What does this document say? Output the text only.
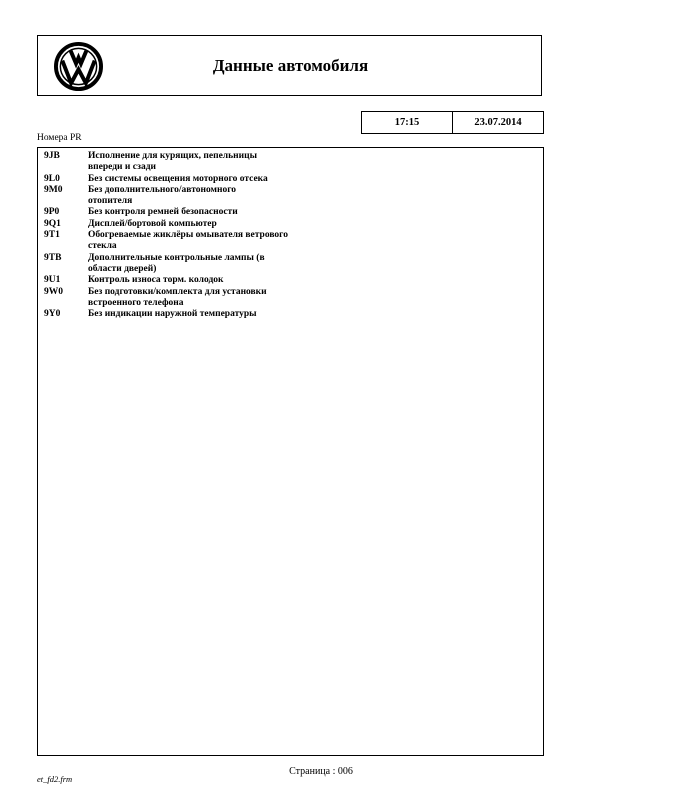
Данные автомобиля
17:15	23.07.2014
Номера PR
9JB	Исполнение для курящих, пепельницы
впереди и сзади
9L0	Без системы освещения моторного отсека
9M0	Без дополнительного/автономного
отопителя
9P0	Без контроля ремней безопасности
9Q1	Дисплей/бортовой компьютер
9T1	Обогреваемые жиклёры омывателя ветрового
стекла
9TB	Дополнительные контрольные лампы (в
области дверей)
9U1	Контроль износа торм. колодок
9W0	Без подготовки/комплекта для установки
встроенного телефона
9Y0	Без индикации наружной температуры
Страница : 006
et_fd2.frm
